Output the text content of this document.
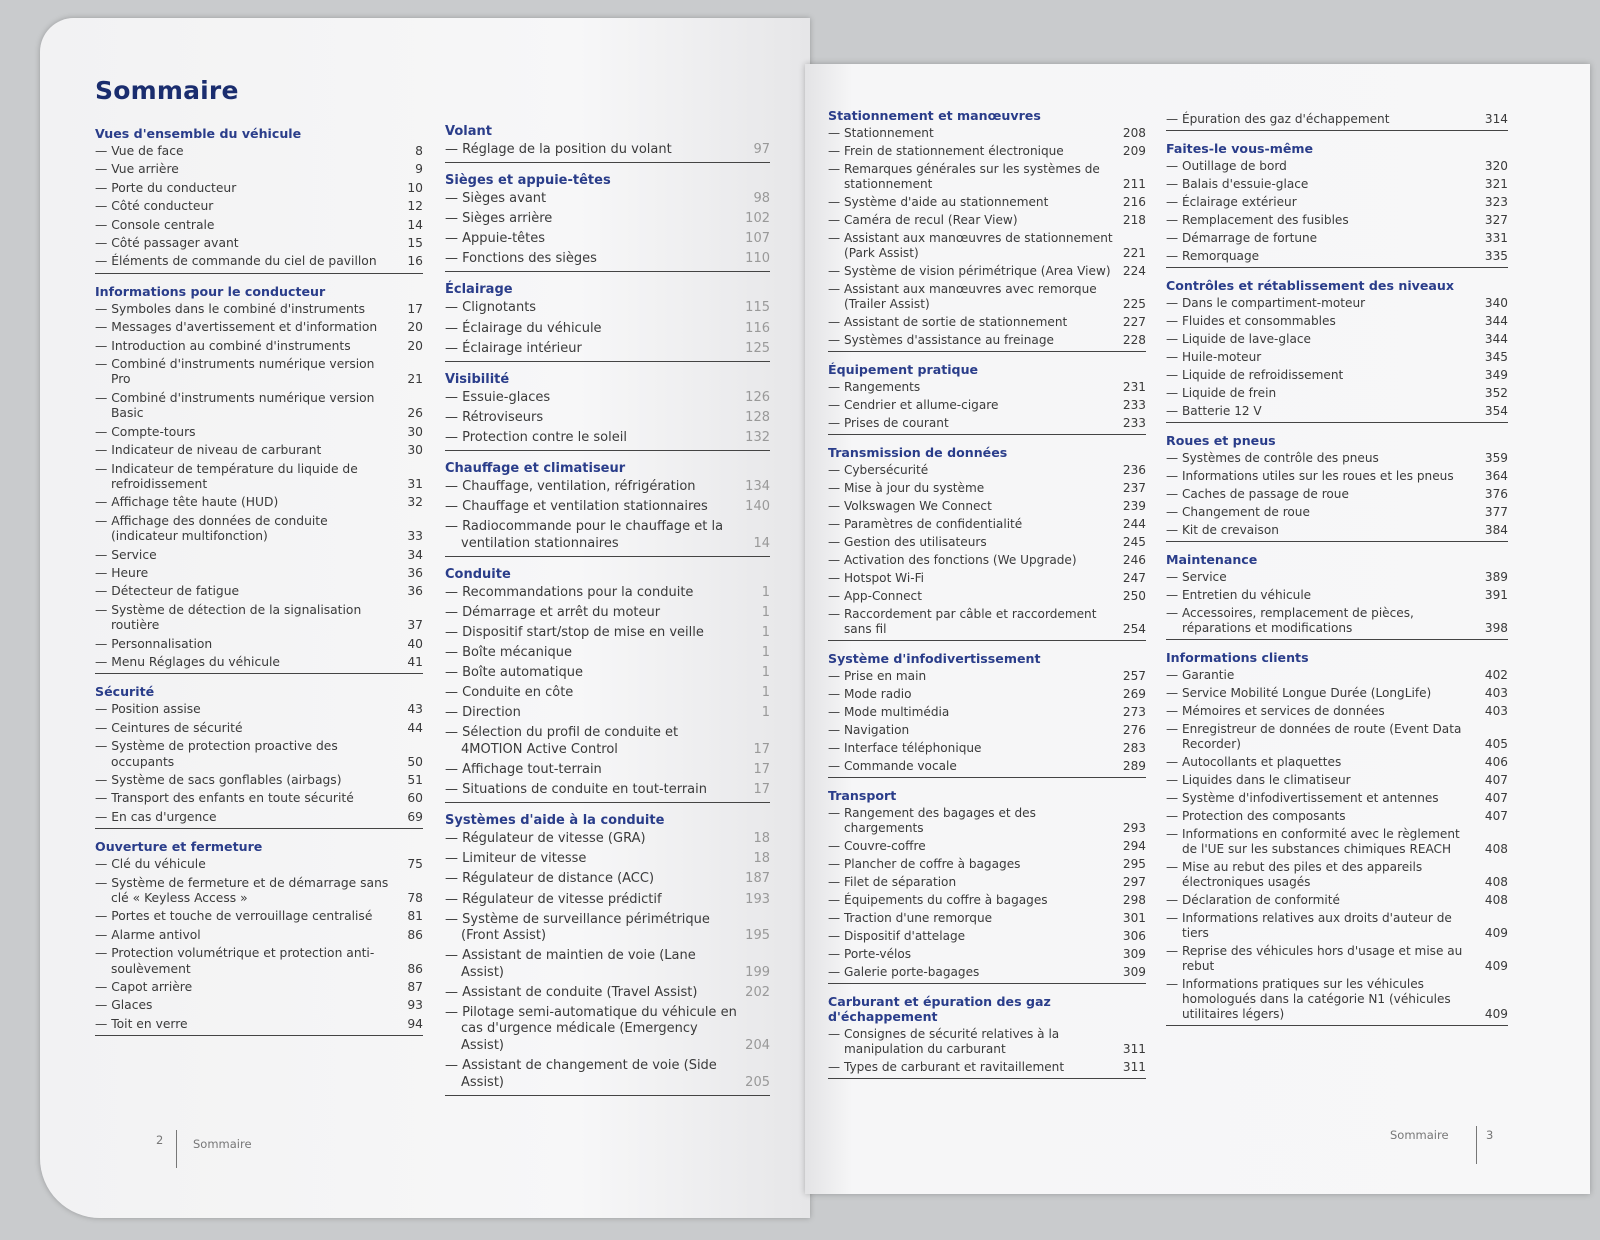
Sommaire
Vues d'ensemble du véhicule
— Vue de face	8
— Vue arrière	9
— Porte du conducteur	10
— Côté conducteur	12
— Console centrale	14
— Côté passager avant	15
— Éléments de commande du ciel de pavillon	16
Informations pour le conducteur
— Symboles dans le combiné d'instruments	17
— Messages d'avertissement et d'information	20
— Introduction au combiné d'instruments	20
— Combiné d'instruments numérique version Pro	21
— Combiné d'instruments numérique version Basic	26
— Compte-tours	30
— Indicateur de niveau de carburant	30
— Indicateur de température du liquide de refroidissement	31
— Affichage tête haute (HUD)	32
— Affichage des données de conduite (indicateur multifonction)	33
— Service	34
— Heure	36
— Détecteur de fatigue	36
— Système de détection de la signalisation routière	37
— Personnalisation	40
— Menu Réglages du véhicule	41
Sécurité
— Position assise	43
— Ceintures de sécurité	44
— Système de protection proactive des occupants	50
— Système de sacs gonflables (airbags)	51
— Transport des enfants en toute sécurité	60
— En cas d'urgence	69
Ouverture et fermeture
— Clé du véhicule	75
— Système de fermeture et de démarrage sans clé « Keyless Access »	78
— Portes et touche de verrouillage centralisé	81
— Alarme antivol	86
— Protection volumétrique et protection anti-soulèvement	86
— Capot arrière	87
— Glaces	93
— Toit en verre	94
Volant
— Réglage de la position du volant	97
Sièges et appuie-têtes
— Sièges avant	98
— Sièges arrière	102
— Appuie-têtes	107
— Fonctions des sièges	110
Éclairage
— Clignotants	115
— Éclairage du véhicule	116
— Éclairage intérieur	125
Visibilité
— Essuie-glaces	126
— Rétroviseurs	128
— Protection contre le soleil	132
Chauffage et climatiseur
— Chauffage, ventilation, réfrigération	134
— Chauffage et ventilation stationnaires	140
— Radiocommande pour le chauffage et la ventilation stationnaires	14
Conduite
— Recommandations pour la conduite	1
— Démarrage et arrêt du moteur	1
— Dispositif start/stop de mise en veille	1
— Boîte mécanique	1
— Boîte automatique	1
— Conduite en côte	1
— Direction	1
— Sélection du profil de conduite et 4MOTION Active Control	17
— Affichage tout-terrain	17
— Situations de conduite en tout-terrain	17
Systèmes d'aide à la conduite
— Régulateur de vitesse (GRA)	18
— Limiteur de vitesse	18
— Régulateur de distance (ACC)	187
— Régulateur de vitesse prédictif	193
— Système de surveillance périmétrique (Front Assist)	195
— Assistant de maintien de voie (Lane Assist)	199
— Assistant de conduite (Travel Assist)	202
— Pilotage semi-automatique du véhicule en cas d'urgence médicale (Emergency Assist)	204
— Assistant de changement de voie (Side Assist)	205
Stationnement et manœuvres
— Stationnement	208
— Frein de stationnement électronique	209
— Remarques générales sur les systèmes de stationnement	211
— Système d'aide au stationnement	216
— Caméra de recul (Rear View)	218
— Assistant aux manœuvres de stationnement (Park Assist)	221
— Système de vision périmétrique (Area View)	224
— Assistant aux manœuvres avec remorque (Trailer Assist)	225
— Assistant de sortie de stationnement	227
— Systèmes d'assistance au freinage	228
Équipement pratique
— Rangements	231
— Cendrier et allume-cigare	233
— Prises de courant	233
Transmission de données
— Cybersécurité	236
— Mise à jour du système	237
— Volkswagen We Connect	239
— Paramètres de confidentialité	244
— Gestion des utilisateurs	245
— Activation des fonctions (We Upgrade)	246
— Hotspot Wi-Fi	247
— App-Connect	250
— Raccordement par câble et raccordement sans fil	254
Système d'infodivertissement
— Prise en main	257
— Mode radio	269
— Mode multimédia	273
— Navigation	276
— Interface téléphonique	283
— Commande vocale	289
Transport
— Rangement des bagages et des chargements	293
— Couvre-coffre	294
— Plancher de coffre à bagages	295
— Filet de séparation	297
— Équipements du coffre à bagages	298
— Traction d'une remorque	301
— Dispositif d'attelage	306
— Porte-vélos	309
— Galerie porte-bagages	309
Carburant et épuration des gaz d'échappement
— Consignes de sécurité relatives à la manipulation du carburant	311
— Types de carburant et ravitaillement	311
— Épuration des gaz d'échappement	314
Faites-le vous-même
— Outillage de bord	320
— Balais d'essuie-glace	321
— Éclairage extérieur	323
— Remplacement des fusibles	327
— Démarrage de fortune	331
— Remorquage	335
Contrôles et rétablissement des niveaux
— Dans le compartiment-moteur	340
— Fluides et consommables	344
— Liquide de lave-glace	344
— Huile-moteur	345
— Liquide de refroidissement	349
— Liquide de frein	352
— Batterie 12 V	354
Roues et pneus
— Systèmes de contrôle des pneus	359
— Informations utiles sur les roues et les pneus	364
— Caches de passage de roue	376
— Changement de roue	377
— Kit de crevaison	384
Maintenance
— Service	389
— Entretien du véhicule	391
— Accessoires, remplacement de pièces, réparations et modifications	398
Informations clients
— Garantie	402
— Service Mobilité Longue Durée (LongLife)	403
— Mémoires et services de données	403
— Enregistreur de données de route (Event Data Recorder)	405
— Autocollants et plaquettes	406
— Liquides dans le climatiseur	407
— Système d'infodivertissement et antennes	407
— Protection des composants	407
— Informations en conformité avec le règlement de l'UE sur les substances chimiques REACH	408
— Mise au rebut des piles et des appareils électroniques usagés	408
— Déclaration de conformité	408
— Informations relatives aux droits d'auteur de tiers	409
— Reprise des véhicules hors d'usage et mise au rebut	409
— Informations pratiques sur les véhicules homologués dans la catégorie N1 (véhicules utilitaires légers)	409
2	Sommaire
Sommaire	3
